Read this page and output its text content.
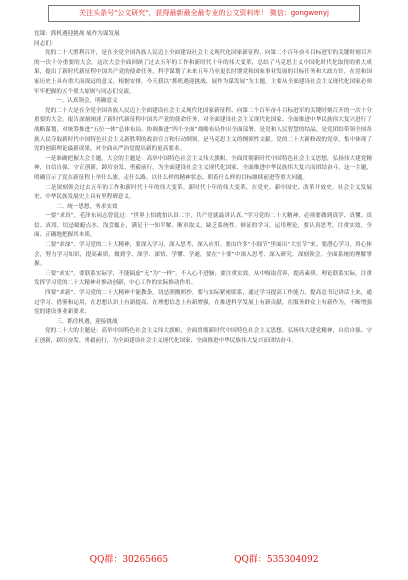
关注头条号"公文研究"，获得最新最全最专业的公文资料库！ 微信：gongwenyj

党课：抓机遇迎挑战 展作为谋发展

同志们：

党的二十大胜利召开，是在全党全国各族人民迈上全面建设社会主义现代化国家新征程、向第二个百年奋斗目标进军的关键时刻召开的一次十分重要的大会。这次大会全面回顾了过去五年的工作和新时代十年的伟大变革，总结了马克思主义中国化时代化取得的重大成果，提出了新时代新征程中国共产党的使命任务，科学谋划了未来五年乃至更长时期党和国家事业发展的目标任务和大政方针，在党和国家历史上具有重大而深远的意义。根据安排，今天我以“抓机遇迎挑战，展作为谋发展”为主题，主要从全面建设社会主义现代化国家必须牢牢把握的五个重大原则与同志们交流。

一、认真领会，明确意义

党的二十大是在全党全国各族人民迈上全面建设社会主义现代化国家新征程、向第二个百年奋斗目标进军的关键时刻召开的一次十分重要的大会。报告深刻阐述了新时代新征程中国共产党的使命任务，对全面建设社会主义现代化国家、全面推进中华民族伟大复兴进行了战略谋划，对统筹推进“五位一体”总体布局、协调推进“四个全面”战略布局作出全面部署，是党和人民智慧的结晶，是党团结带领全国各族人民夺取新时代中国特色社会主义新胜利的政治宣言和行动纲领，是马克思主义的纲领性文献。党的二十大新修改的党章，集中体现了党的创新理论最新成果，对全面从严治党提出新的更高要求。

一是准确把握大会主题。大会的主题是：高举中国特色社会主义伟大旗帜，全面贯彻新时代中国特色社会主义思想，弘扬伟大建党精神，自信自强、守正创新，踔厉奋发、勇毅前行，为全面建设社会主义现代化国家、全面推进中华民族伟大复兴而团结奋斗。这一主题，明确宣示了党在新征程上举什么旗、走什么路、以什么样的精神状态、朝着什么样的目标继续前进等重大问题。

二是深刻领会过去五年的工作和新时代十年的伟大变革。新时代十年的伟大变革，在党史、新中国史、改革开放史、社会主义发展史、中华民族发展史上具有里程碑意义。

二、统一思想，务求实效

一要“求真”。毛泽东同志曾说过：“世界上怕就怕认真二字，共产党就最讲认真。”学习党的二十大精神，必须要做到真学、真懂、真信、真用，切忌蜻蜓点水、浅尝辄止，满足于一知半解、断章取义，缺乏系统性。辩证的学习、运用理论，要认真思考，注重实效，全面、正确地把握其本质。

二要“求深”。学习党的二十大精神，要深入学习、深入思考、深入应用。要由许多“小细节”里面出“大宏节”来。要潜心学习，用心体会，努力学习知识，提高素质，做到学、深学、深悟、学懂、学通，要在“十要”中深入思考、深入研究、深刻领会，全面系统的理解掌握。

三要“求实”。要联系实际学，不能搞虚“无”为“一样”，不入心不进脑；要注重实效，从中吸取营养，提高素质。理论联系实际，注重发挥学习党的二十大精神对推动创新、中心工作的实际推动作用。

四要“求新”。学习党的二十大精神不能教条，切忌照搬照抄。要与实际紧密联系，通过学习提高工作能力，提高总书记讲话上来，通过学习、借鉴和运用，在思想认识上有新提高、在理想信念上有新增强，在推进科学发展上有新贡献，在服务群众上有新作为，不断增强党的建设事业新要求。

三、抓住机遇，迎接挑战

党的二十大的主题是：高举中国特色社会主义伟大旗帜，全面贯彻新时代中国特色社会主义思想，弘扬伟大建党精神，自信自强、守正创新，踔厉奋发、勇毅前行，为全面建设社会主义现代化国家、全面推进中华民族伟大复兴而团结奋斗。

QQ群：30265665	QQ群：535304092
